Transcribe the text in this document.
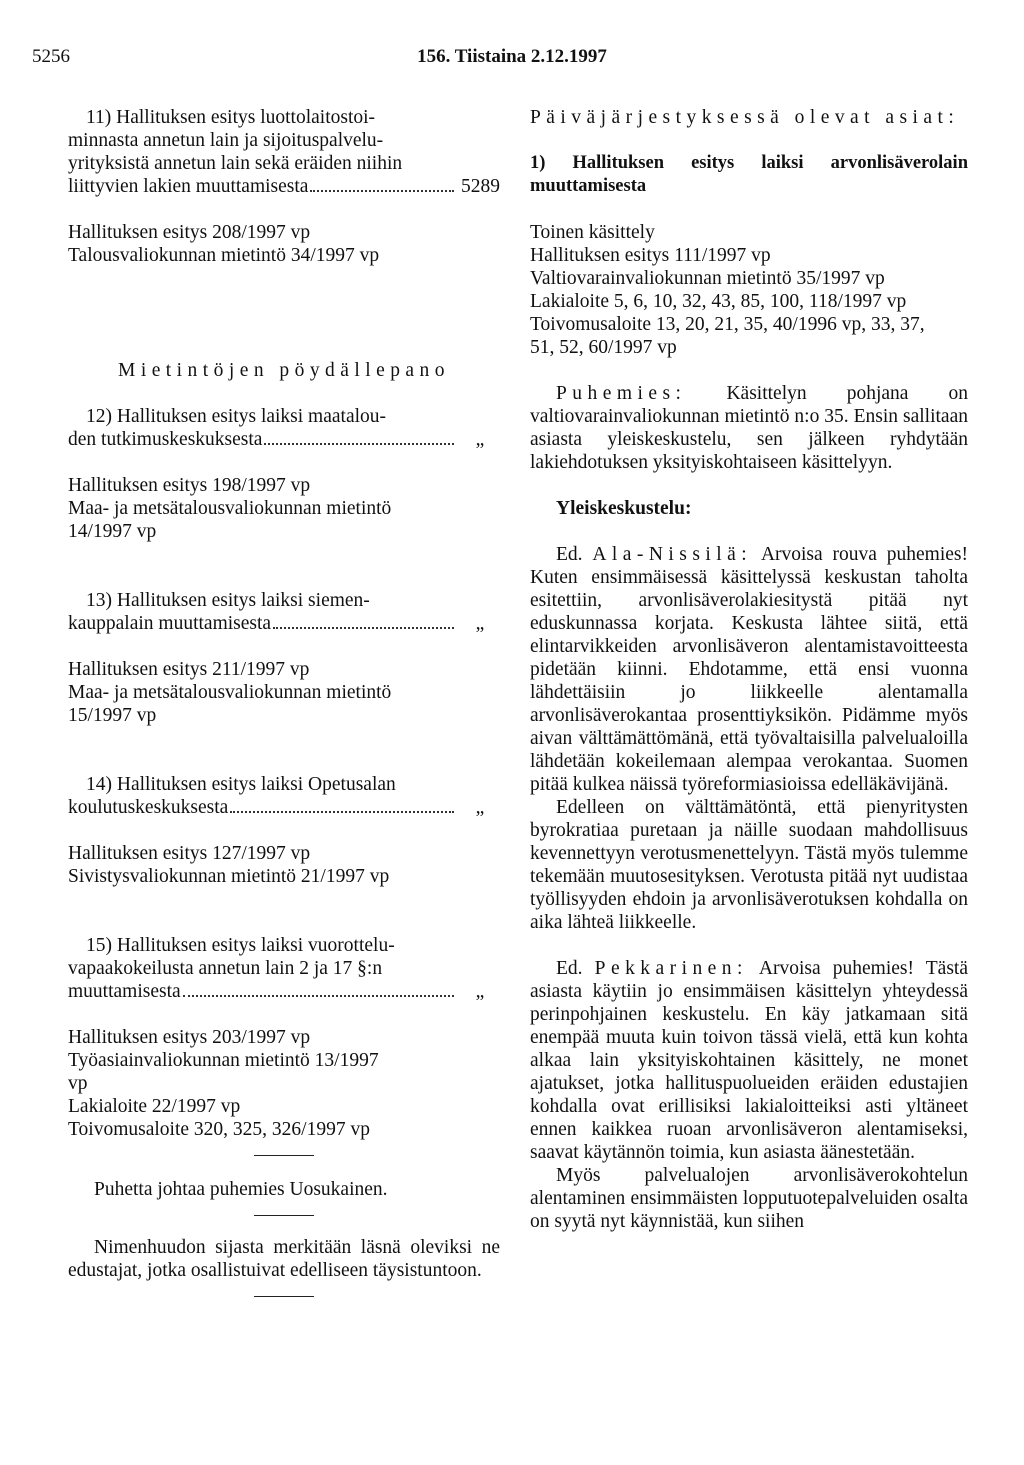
5256	156. Tiistaina 2.12.1997
11) Hallituksen esitys luottolaitostoi-
minnasta annetun lain ja sijoituspalvelu-
yrityksistä annetun lain sekä eräiden niihin
liittyvien lakien muuttamisesta	5289
Hallituksen esitys 208/1997 vp
Talousvaliokunnan mietintö 34/1997 vp
Mietintöjen pöydällepano
12) Hallituksen esitys laiksi maatalou-
den tutkimuskeskuksesta	„
Hallituksen esitys 198/1997 vp
Maa- ja metsätalousvaliokunnan mietintö
14/1997 vp
13) Hallituksen esitys laiksi siemen-
kauppalain muuttamisesta	„
Hallituksen esitys 211/1997 vp
Maa- ja metsätalousvaliokunnan mietintö
15/1997 vp
14) Hallituksen esitys laiksi Opetusalan
koulutuskeskuksesta	„
Hallituksen esitys 127/1997 vp
Sivistysvaliokunnan mietintö 21/1997 vp
15) Hallituksen esitys laiksi vuorottelu-
vapaakokeilusta annetun lain 2 ja 17 §:n
muuttamisesta	„
Hallituksen esitys 203/1997 vp
Työasiainvaliokunnan mietintö 13/1997
vp
Lakialoite 22/1997 vp
Toivomusaloite 320, 325, 326/1997 vp

Puhetta johtaa puhemies Uosukainen.

Nimenhuudon sijasta merkitään läsnä oleviksi ne edustajat, jotka osallistuivat edelliseen täysistuntoon.

Päiväjärjestyksessä olevat asiat:

1) Hallituksen esitys laiksi arvonlisäverolain muuttamisesta

Toinen käsittely
Hallituksen esitys 111/1997 vp
Valtiovarainvaliokunnan mietintö 35/1997 vp
Lakialoite 5, 6, 10, 32, 43, 85, 100, 118/1997 vp
Toivomusaloite 13, 20, 21, 35, 40/1996 vp, 33, 37,
51, 52, 60/1997 vp

Puhemies: Käsittelyn pohjana on valtiovarainvaliokunnan mietintö n:o 35. Ensin sallitaan asiasta yleiskeskustelu, sen jälkeen ryhdytään lakiehdotuksen yksityiskohtaiseen käsittelyyn.

Yleiskeskustelu:

Ed. Ala-Nissilä: Arvoisa rouva puhemies! Kuten ensimmäisessä käsittelyssä keskustan taholta esitettiin, arvonlisäverolakiesitystä pitää nyt eduskunnassa korjata. Keskusta lähtee siitä, että elintarvikkeiden arvonlisäveron alentamistavoitteesta pidetään kiinni. Ehdotamme, että ensi vuonna lähdettäisiin jo liikkeelle alentamalla arvonlisäverokantaa prosenttiyksikön. Pidämme myös aivan välttämättömänä, että työvaltaisilla palvelualoilla lähdetään kokeilemaan alempaa verokantaa. Suomen pitää kulkea näissä työreformiasioissa edelläkävijänä.

Edelleen on välttämätöntä, että pienyritysten byrokratiaa puretaan ja näille suodaan mahdollisuus kevennettyyn verotusmenettelyyn. Tästä myös tulemme tekemään muutosesityksen. Verotusta pitää nyt uudistaa työllisyyden ehdoin ja arvonlisäverotuksen kohdalla on aika lähteä liikkeelle.

Ed. Pekkarinen: Arvoisa puhemies! Tästä asiasta käytiin jo ensimmäisen käsittelyn yhteydessä perinpohjainen keskustelu. En käy jatkamaan sitä enempää muuta kuin toivon tässä vielä, että kun kohta alkaa lain yksityiskohtainen käsittely, ne monet ajatukset, jotka hallituspuolueiden eräiden edustajien kohdalla ovat erillisiksi lakialoitteiksi asti yltäneet ennen kaikkea ruoan arvonlisäveron alentamiseksi, saavat käytännön toimia, kun asiasta äänestetään.

Myös palvelualojen arvonlisäverokohtelun alentaminen ensimmäisten lopputuotepalveluiden osalta on syytä nyt käynnistää, kun siihen
